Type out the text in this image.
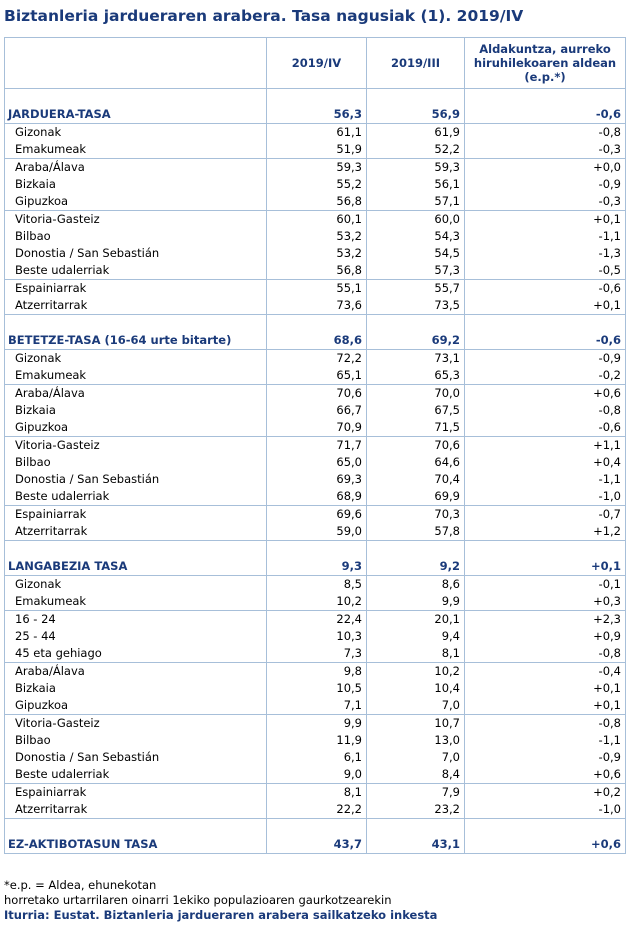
Biztanleria jardueraren arabera. Tasa nagusiak (1). 2019/IV
	2019/IV	2019/III	Aldakuntza, aurreko hiruhilekoaren aldean (e.p.*)

JARDUERA-TASA	56,3	56,9	-0,6
Gizonak	61,1	61,9	-0,8
Emakumeak	51,9	52,2	-0,3
Araba/Álava	59,3	59,3	+0,0
Bizkaia	55,2	56,1	-0,9
Gipuzkoa	56,8	57,1	-0,3
Vitoria-Gasteiz	60,1	60,0	+0,1
Bilbao	53,2	54,3	-1,1
Donostia / San Sebastián	53,2	54,5	-1,3
Beste udalerriak	56,8	57,3	-0,5
Espainiarrak	55,1	55,7	-0,6
Atzerritarrak	73,6	73,5	+0,1

BETETZE-TASA (16-64 urte bitarte)	68,6	69,2	-0,6
Gizonak	72,2	73,1	-0,9
Emakumeak	65,1	65,3	-0,2
Araba/Álava	70,6	70,0	+0,6
Bizkaia	66,7	67,5	-0,8
Gipuzkoa	70,9	71,5	-0,6
Vitoria-Gasteiz	71,7	70,6	+1,1
Bilbao	65,0	64,6	+0,4
Donostia / San Sebastián	69,3	70,4	-1,1
Beste udalerriak	68,9	69,9	-1,0
Espainiarrak	69,6	70,3	-0,7
Atzerritarrak	59,0	57,8	+1,2

LANGABEZIA TASA	9,3	9,2	+0,1
Gizonak	8,5	8,6	-0,1
Emakumeak	10,2	9,9	+0,3
16 - 24	22,4	20,1	+2,3
25 - 44	10,3	9,4	+0,9
45 eta gehiago	7,3	8,1	-0,8
Araba/Álava	9,8	10,2	-0,4
Bizkaia	10,5	10,4	+0,1
Gipuzkoa	7,1	7,0	+0,1
Vitoria-Gasteiz	9,9	10,7	-0,8
Bilbao	11,9	13,0	-1,1
Donostia / San Sebastián	6,1	7,0	-0,9
Beste udalerriak	9,0	8,4	+0,6
Espainiarrak	8,1	7,9	+0,2
Atzerritarrak	22,2	23,2	-1,0

EZ-AKTIBOTASUN TASA	43,7	43,1	+0,6
*e.p. = Aldea, ehunekotan
horretako urtarrilaren oinarri 1ekiko populazioaren gaurkotzearekin
Iturria: Eustat. Biztanleria jardueraren arabera sailkatzeko inkesta
